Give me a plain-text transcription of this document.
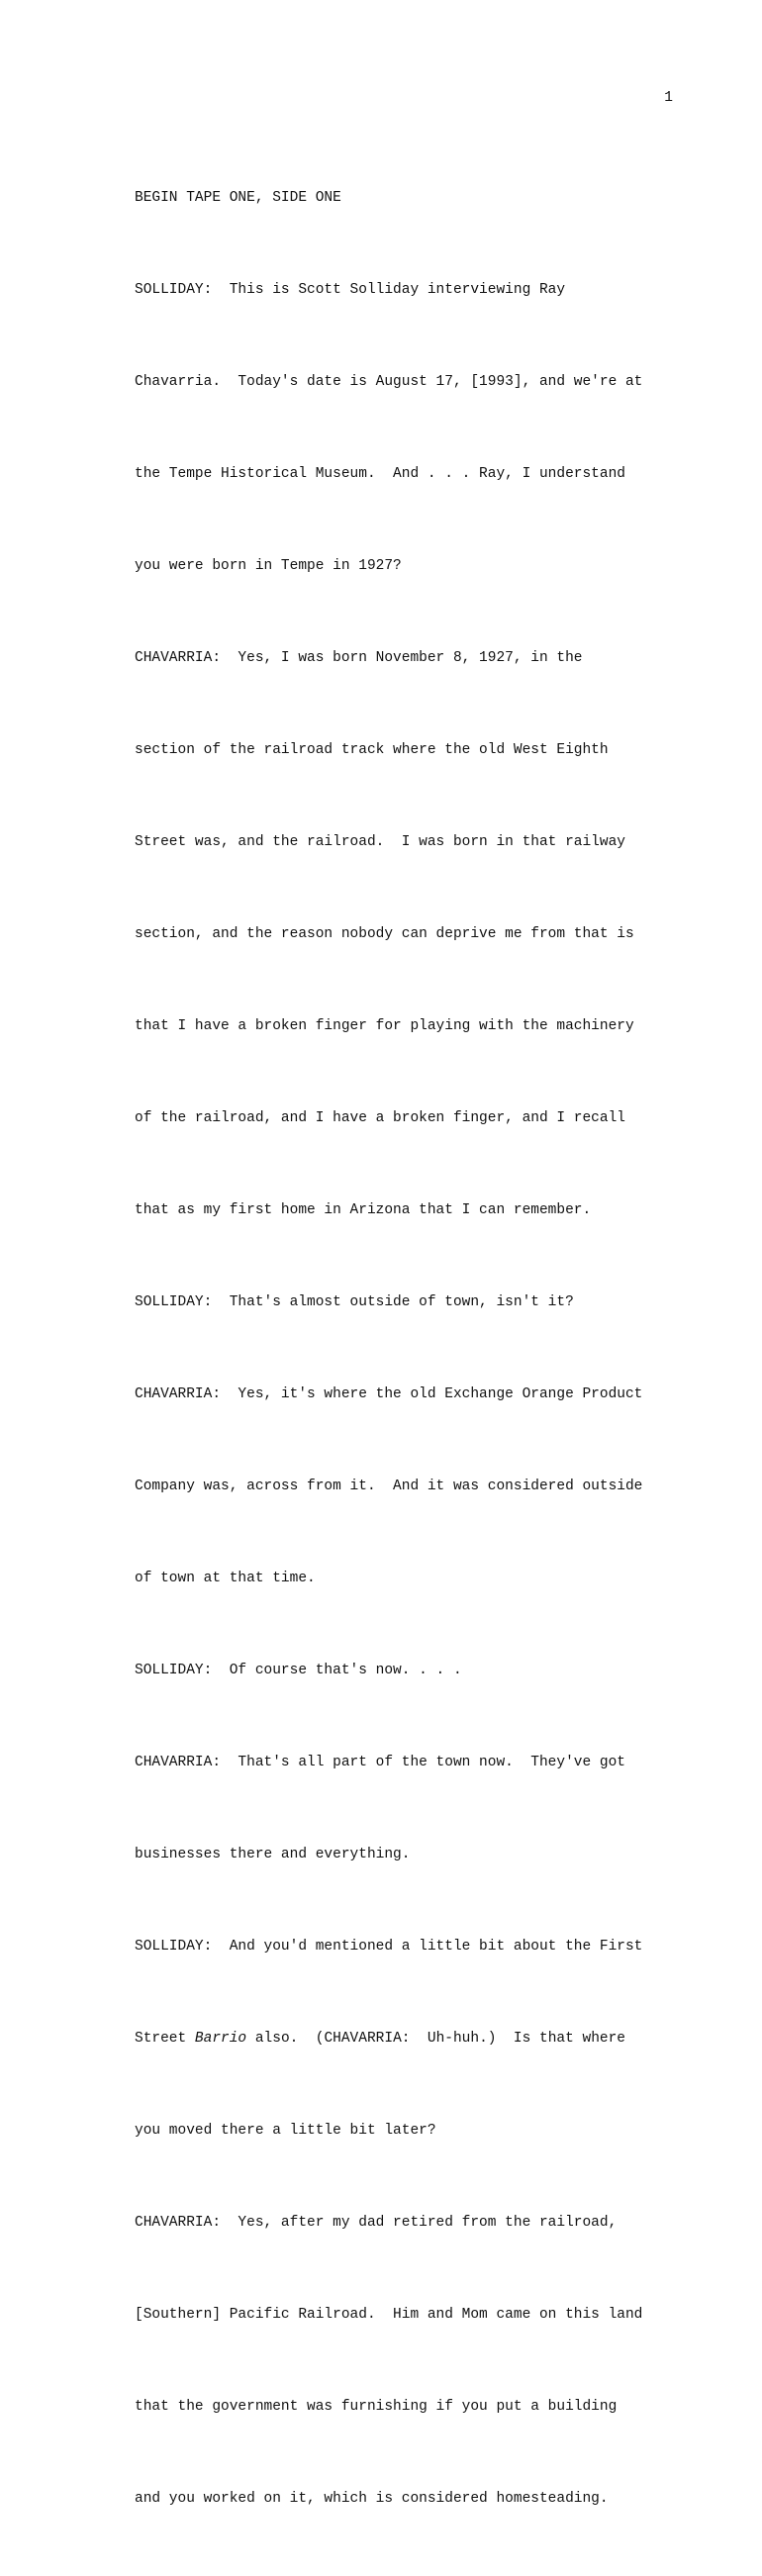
1

BEGIN TAPE ONE, SIDE ONE

SOLLIDAY:  This is Scott Solliday interviewing Ray

Chavarria.  Today's date is August 17, [1993], and we're at

the Tempe Historical Museum.  And . . . Ray, I understand

you were born in Tempe in 1927?

CHAVARRIA:  Yes, I was born November 8, 1927, in the

section of the railroad track where the old West Eighth

Street was, and the railroad.  I was born in that railway

section, and the reason nobody can deprive me from that is

that I have a broken finger for playing with the machinery

of the railroad, and I have a broken finger, and I recall

that as my first home in Arizona that I can remember.

SOLLIDAY:  That's almost outside of town, isn't it?

CHAVARRIA:  Yes, it's where the old Exchange Orange Product

Company was, across from it.  And it was considered outside

of town at that time.

SOLLIDAY:  Of course that's now. . . .

CHAVARRIA:  That's all part of the town now.  They've got

businesses there and everything.

SOLLIDAY:  And you'd mentioned a little bit about the First

Street Barrio also.  (CHAVARRIA:  Uh-huh.)  Is that where

you moved there a little bit later?

CHAVARRIA:  Yes, after my dad retired from the railroad,

[Southern] Pacific Railroad.  Him and Mom came on this land

that the government was furnishing if you put a building

and you worked on it, which is considered homesteading.
